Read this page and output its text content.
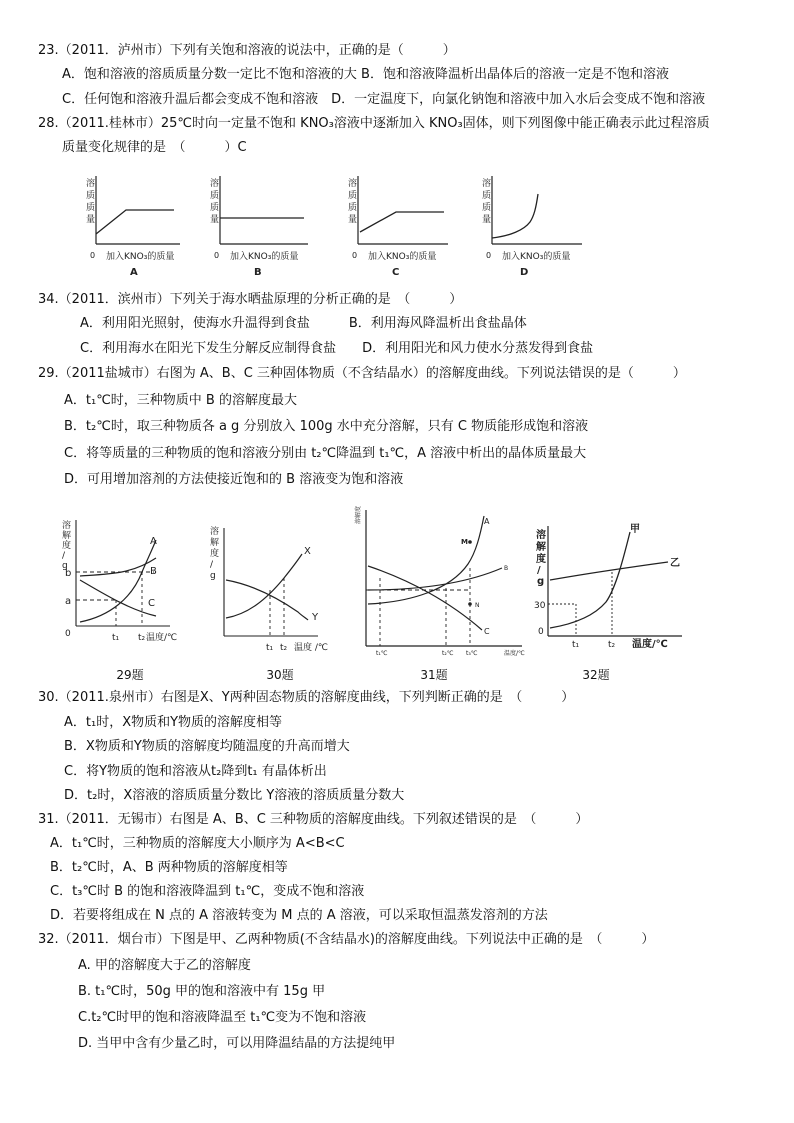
23.（2011．泸州市）下列有关饱和溶液的说法中，正确的是（　　　）
A．饱和溶液的溶质质量分数一定比不饱和溶液的大 B．饱和溶液降温析出晶体后的溶液一定是不饱和溶液
C．任何饱和溶液升温后都会变成不饱和溶液　D．一定温度下，向氯化钠饱和溶液中加入水后会变成不饱和溶液
28.（2011.桂林市）25℃时向一定量不饱和 KNO₃溶液中逐渐加入 KNO₃固体，则下列图像中能正确表示此过程溶质
质量变化规律的是　（　　　）C
溶
质
质
量
0 加入KNO₃的质量
A
溶
质
质
量
0 加入KNO₃的质量
B
溶
质
质
量
0 加入KNO₃的质量
C
溶
质
质
量
0 加入KNO₃的质量
D
34.（2011．滨州市）下列关于海水晒盐原理的分析正确的是　（　　　）
A．利用阳光照射，使海水升温得到食盐　　　B．利用海风降温析出食盐晶体
C．利用海水在阳光下发生分解反应制得食盐　　D．利用阳光和风力使水分蒸发得到食盐
29.（2011盐城市）右图为 A、B、C 三种固体物质（不含结晶水）的溶解度曲线。下列说法错误的是（　　　）
A．t₁℃时，三种物质中 B 的溶解度最大
B．t₂℃时，取三种物质各 a g 分别放入 100g 水中充分溶解，只有 C 物质能形成饱和溶液
C．将等质量的三种物质的饱和溶液分别由 t₂℃降温到 t₁℃，A 溶液中析出的晶体质量最大
D．可用增加溶剂的方法使接近饱和的 B 溶液变为饱和溶液
溶
解
度
/
g
b
a
0
A
B
C
t₁ t₂ 温度/℃
29题
溶
解
度
/
g
X
Y
t₁ t₂ 温度 /℃
30题
溶解度	A
B
C
M
N
t₁℃	t₂℃ t₃℃	温度/℃
31题
溶
解
度
/
g
0
30
甲
乙
t₁	t₂ 温度/℃
32题
30.（2011.泉州市）右图是X、Y两种固态物质的溶解度曲线，下列判断正确的是　（　　　）
A．t₁时，X物质和Y物质的溶解度相等
B．X物质和Y物质的溶解度均随温度的升高而增大
C．将Y物质的饱和溶液从t₂降到t₁ 有晶体析出
D．t₂时，X溶液的溶质质量分数比 Y溶液的溶质质量分数大
31.（2011．无锡市）右图是 A、B、C 三种物质的溶解度曲线。下列叙述错误的是　（　　　）
A．t₁℃时，三种物质的溶解度大小顺序为 A<B<C
B．t₂℃时，A、B 两种物质的溶解度相等
C．t₃℃时 B 的饱和溶液降温到 t₁℃，变成不饱和溶液
D．若要将组成在 N 点的 A 溶液转变为 M 点的 A 溶液，可以采取恒温蒸发溶剂的方法
32.（2011．烟台市）下图是甲、乙两种物质(不含结晶水)的溶解度曲线。下列说法中正确的是　（　　　）
A. 甲的溶解度大于乙的溶解度
B. t₁℃时，50g 甲的饱和溶液中有 15g 甲
C.t₂℃时甲的饱和溶液降温至 t₁℃变为不饱和溶液
D. 当甲中含有少量乙时，可以用降温结晶的方法提纯甲
